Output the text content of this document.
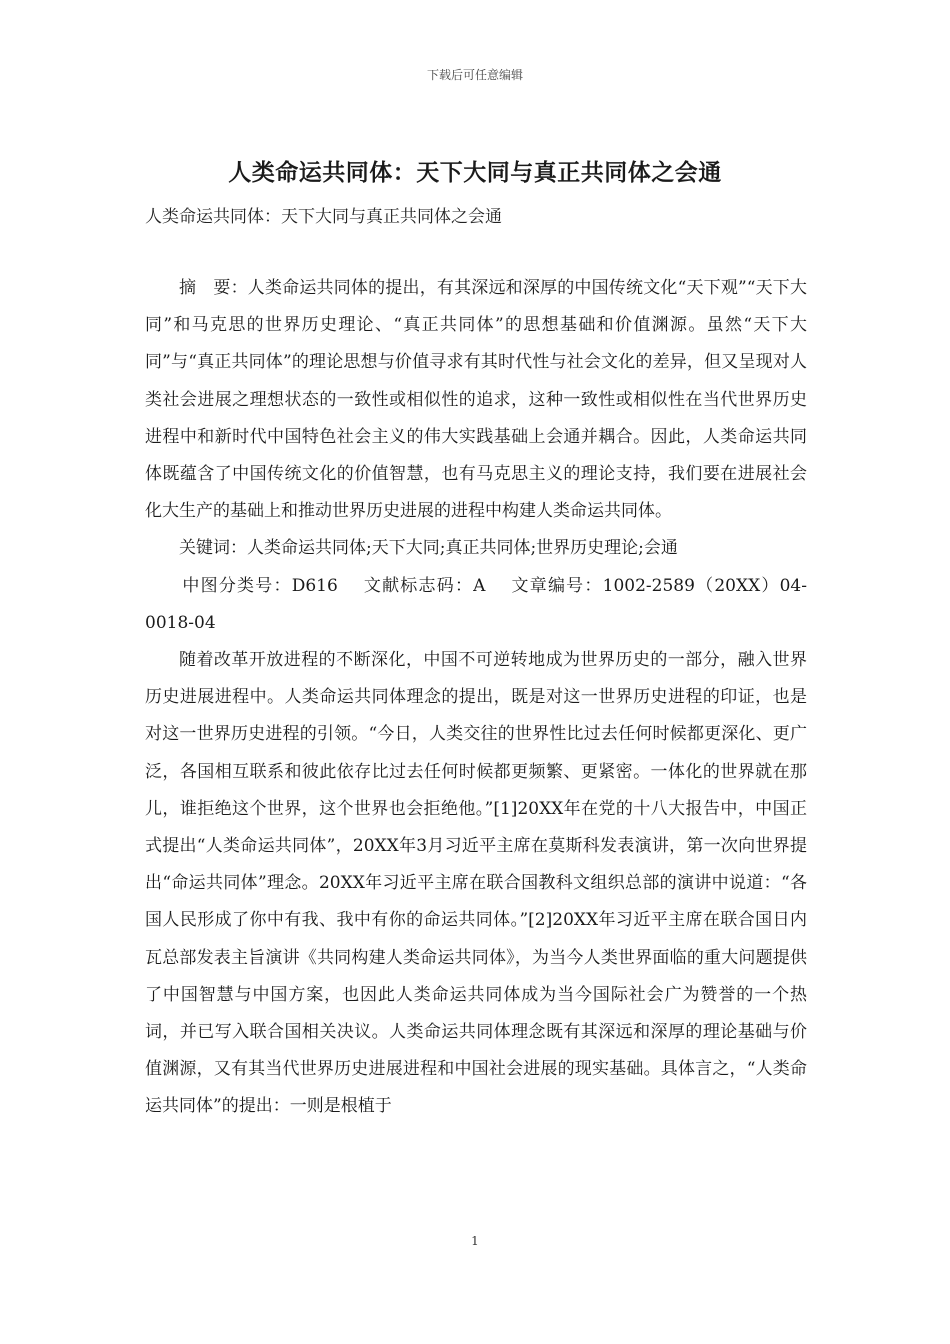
下载后可任意编辑
人类命运共同体：天下大同与真正共同体之会通

人类命运共同体：天下大同与真正共同体之会通

摘　要：人类命运共同体的提出，有其深远和深厚的中国传统文化“天下观”“天下大同”和马克思的世界历史理论、“真正共同体”的思想基础和价值渊源。虽然“天下大同”与“真正共同体”的理论思想与价值寻求有其时代性与社会文化的差异，但又呈现对人类社会进展之理想状态的一致性或相似性的追求，这种一致性或相似性在当代世界历史进程中和新时代中国特色社会主义的伟大实践基础上会通并耦合。因此，人类命运共同体既蕴含了中国传统文化的价值智慧，也有马克思主义的理论支持，我们要在进展社会化大生产的基础上和推动世界历史进展的进程中构建人类命运共同体。

关键词：人类命运共同体;天下大同;真正共同体;世界历史理论;会通

中图分类号：D616　 文献标志码：A　 文章编号：1002-2589（20XX）04-0018-04

随着改革开放进程的不断深化，中国不可逆转地成为世界历史的一部分，融入世界历史进展进程中。人类命运共同体理念的提出，既是对这一世界历史进程的印证，也是对这一世界历史进程的引领。“今日，人类交往的世界性比过去任何时候都更深化、更广泛，各国相互联系和彼此依存比过去任何时候都更频繁、更紧密。一体化的世界就在那儿，谁拒绝这个世界，这个世界也会拒绝他。”[1]20XX年在党的十八大报告中，中国正式提出“人类命运共同体”，20XX年3月习近平主席在莫斯科发表演讲，第一次向世界提出“命运共同体”理念。20XX年习近平主席在联合国教科文组织总部的演讲中说道：“各国人民形成了你中有我、我中有你的命运共同体。”[2]20XX年习近平主席在联合国日内瓦总部发表主旨演讲《共同构建人类命运共同体》，为当今人类世界面临的重大问题提供了中国智慧与中国方案，也因此人类命运共同体成为当今国际社会广为赞誉的一个热词，并已写入联合国相关决议。人类命运共同体理念既有其深远和深厚的理论基础与价值渊源，又有其当代世界历史进展进程和中国社会进展的现实基础。具体言之，“人类命运共同体”的提出：一则是根植于

1
